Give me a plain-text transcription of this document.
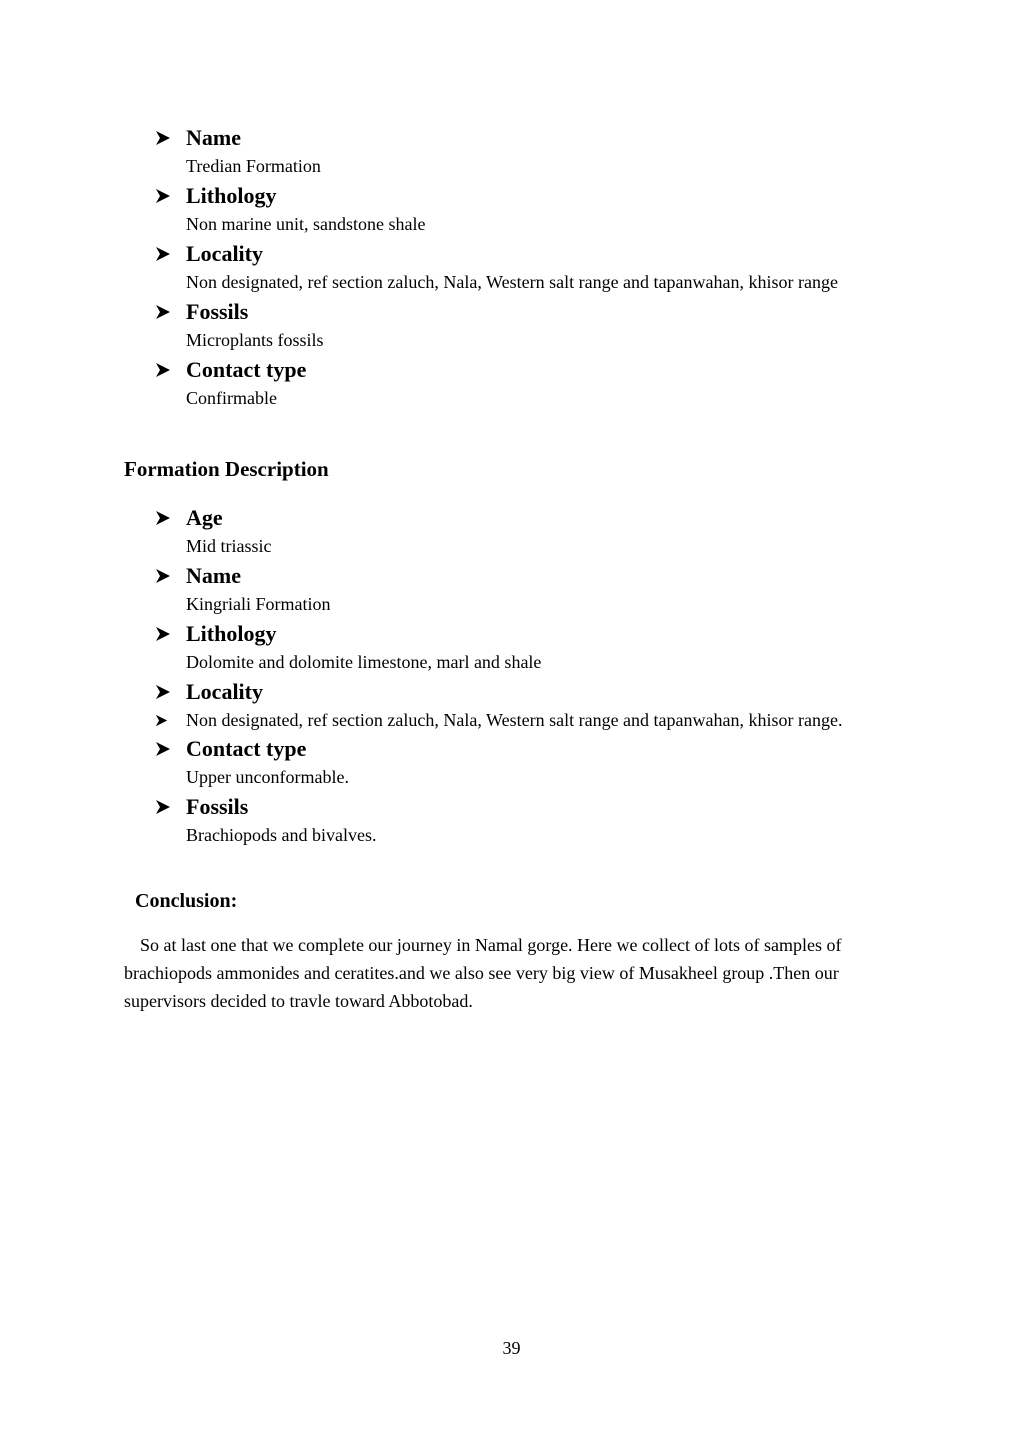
Name
Tredian Formation
Lithology
Non marine unit, sandstone shale
Locality
Non designated, ref section zaluch, Nala, Western salt range and tapanwahan, khisor range
Fossils
Microplants fossils
Contact type
Confirmable
Formation Description
Age
Mid triassic
Name
Kingriali Formation
Lithology
Dolomite and dolomite limestone, marl and shale
Locality
Non designated, ref section zaluch, Nala, Western salt range and tapanwahan, khisor range.
Contact type
Upper unconformable.
Fossils
Brachiopods and bivalves.
Conclusion:
So at last one that we complete our journey in Namal gorge. Here we collect of lots of samples of brachiopods ammonides and ceratites.and we also see very big view of Musakheel group .Then our supervisors decided to travle toward Abbotobad.
39
